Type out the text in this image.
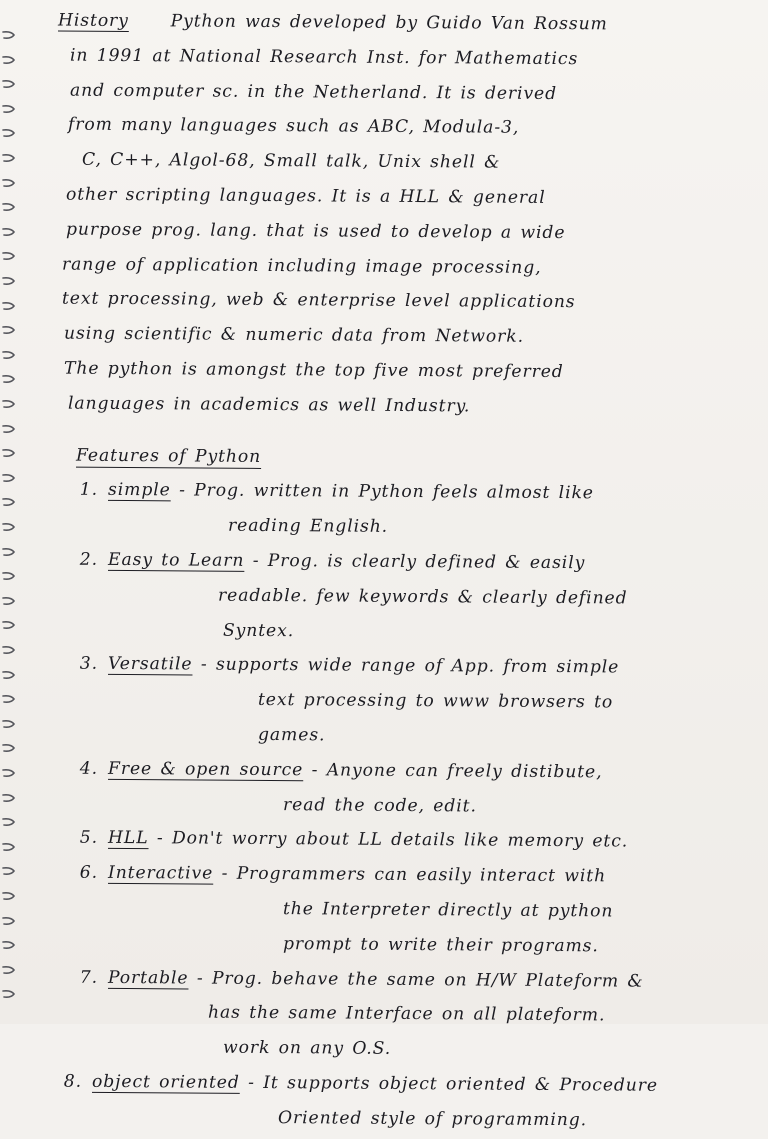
History Python was developed by Guido Van Rossum
in 1991 at National Research Inst. for Mathematics
and computer sc. in the Netherland. It is derived
from many languages such as ABC, Modula-3,
C, C++, Algol-68, Small talk, Unix shell &
other scripting languages. It is a HLL & general
purpose prog. lang. that is used to develop a wide
range of application including image processing,
text processing, web & enterprise level applications
using scientific & numeric data from Network.
The python is amongst the top five most preferred
languages in academics as well Industry.
Features of Python
1. simple - Prog. written in Python feels almost like
reading English.
2. Easy to Learn - Prog. is clearly defined & easily
readable. few keywords & clearly defined
Syntex.
3. Versatile - supports wide range of App. from simple
text processing to www browsers to
games.
4. Free & open source - Anyone can freely distibute,
read the code, edit.
5. HLL - Don't worry about LL details like memory etc.
6. Interactive - Programmers can easily interact with
the Interpreter directly at python
prompt to write their programs.
7. Portable - Prog. behave the same on H/W Plateform &
has the same Interface on all plateform.
work on any O.S.
8. object oriented - It supports object oriented & Procedure
Oriented style of programming.
